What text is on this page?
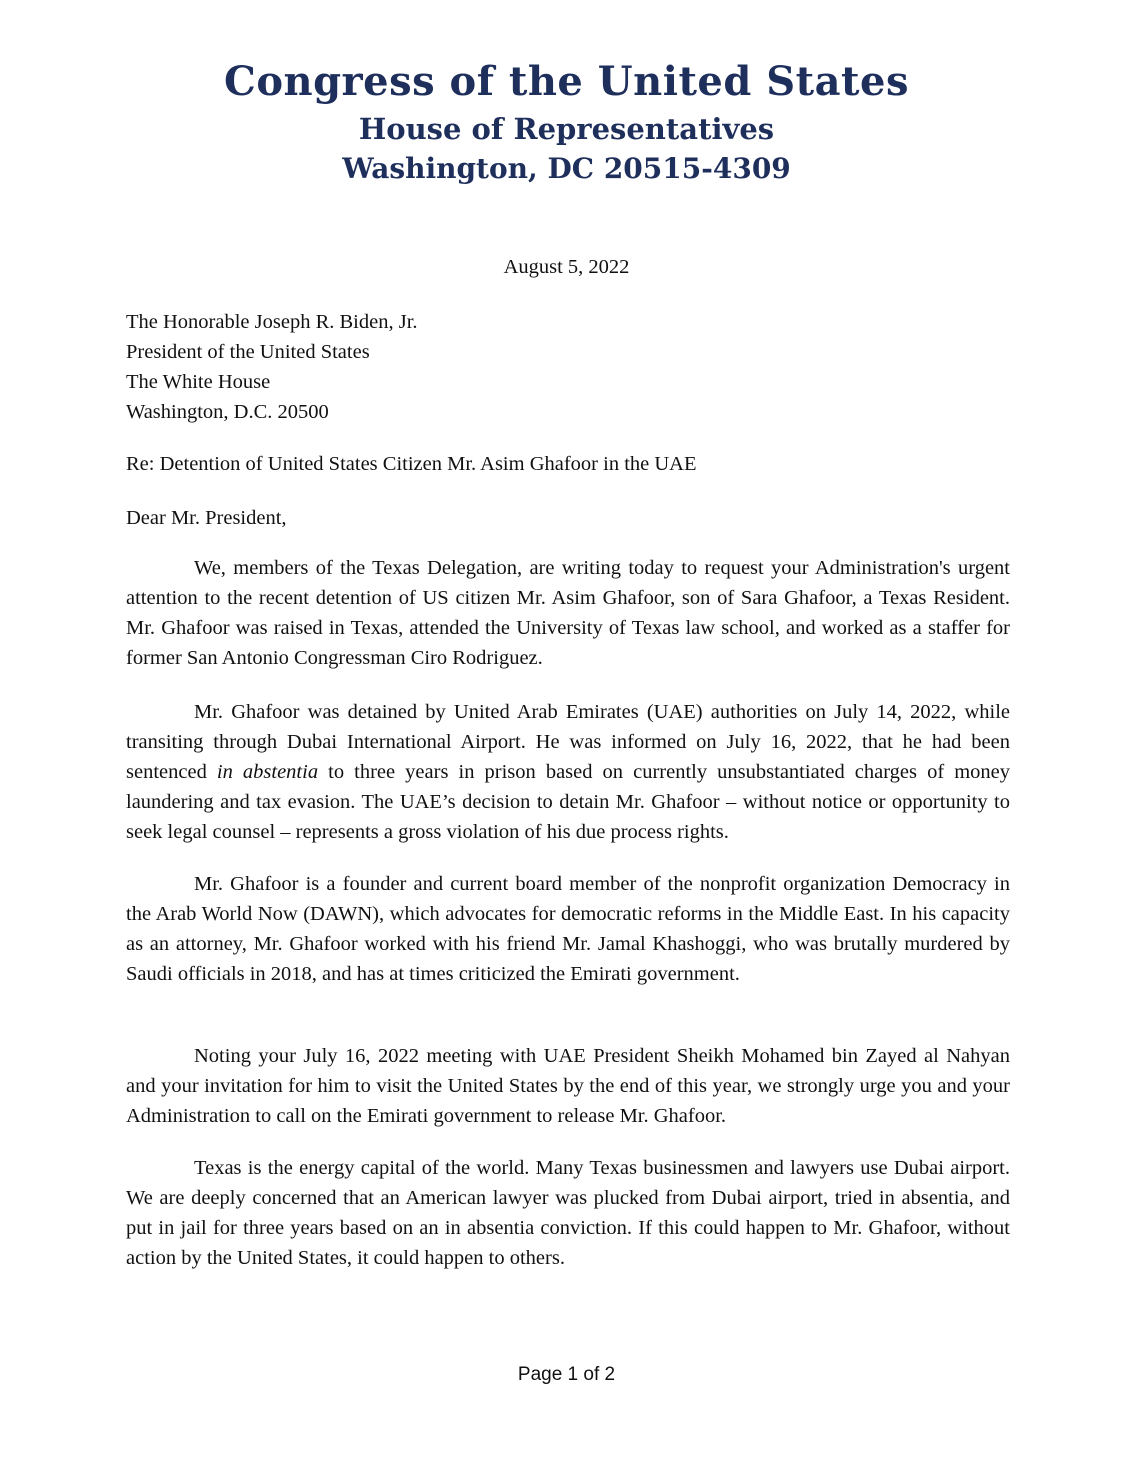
Congress of the United States
House of Representatives
Washington, DC 20515-4309
August 5, 2022
The Honorable Joseph R. Biden, Jr.
President of the United States
The White House
Washington, D.C. 20500
Re: Detention of United States Citizen Mr. Asim Ghafoor in the UAE
Dear Mr. President,

We, members of the Texas Delegation, are writing today to request your Administration's urgent attention to the recent detention of US citizen Mr. Asim Ghafoor, son of Sara Ghafoor, a Texas Resident. Mr. Ghafoor was raised in Texas, attended the University of Texas law school, and worked as a staffer for former San Antonio Congressman Ciro Rodriguez.

Mr. Ghafoor was detained by United Arab Emirates (UAE) authorities on July 14, 2022, while transiting through Dubai International Airport. He was informed on July 16, 2022, that he had been sentenced in abstentia to three years in prison based on currently unsubstantiated charges of money laundering and tax evasion. The UAE’s decision to detain Mr. Ghafoor – without notice or opportunity to seek legal counsel – represents a gross violation of his due process rights.

Mr. Ghafoor is a founder and current board member of the nonprofit organization Democracy in the Arab World Now (DAWN), which advocates for democratic reforms in the Middle East. In his capacity as an attorney, Mr. Ghafoor worked with his friend Mr. Jamal Khashoggi, who was brutally murdered by Saudi officials in 2018, and has at times criticized the Emirati government.

Noting your July 16, 2022 meeting with UAE President Sheikh Mohamed bin Zayed al Nahyan and your invitation for him to visit the United States by the end of this year, we strongly urge you and your Administration to call on the Emirati government to release Mr. Ghafoor.

Texas is the energy capital of the world. Many Texas businessmen and lawyers use Dubai airport. We are deeply concerned that an American lawyer was plucked from Dubai airport, tried in absentia, and put in jail for three years based on an in absentia conviction. If this could happen to Mr. Ghafoor, without action by the United States, it could happen to others.

Page 1 of 2
